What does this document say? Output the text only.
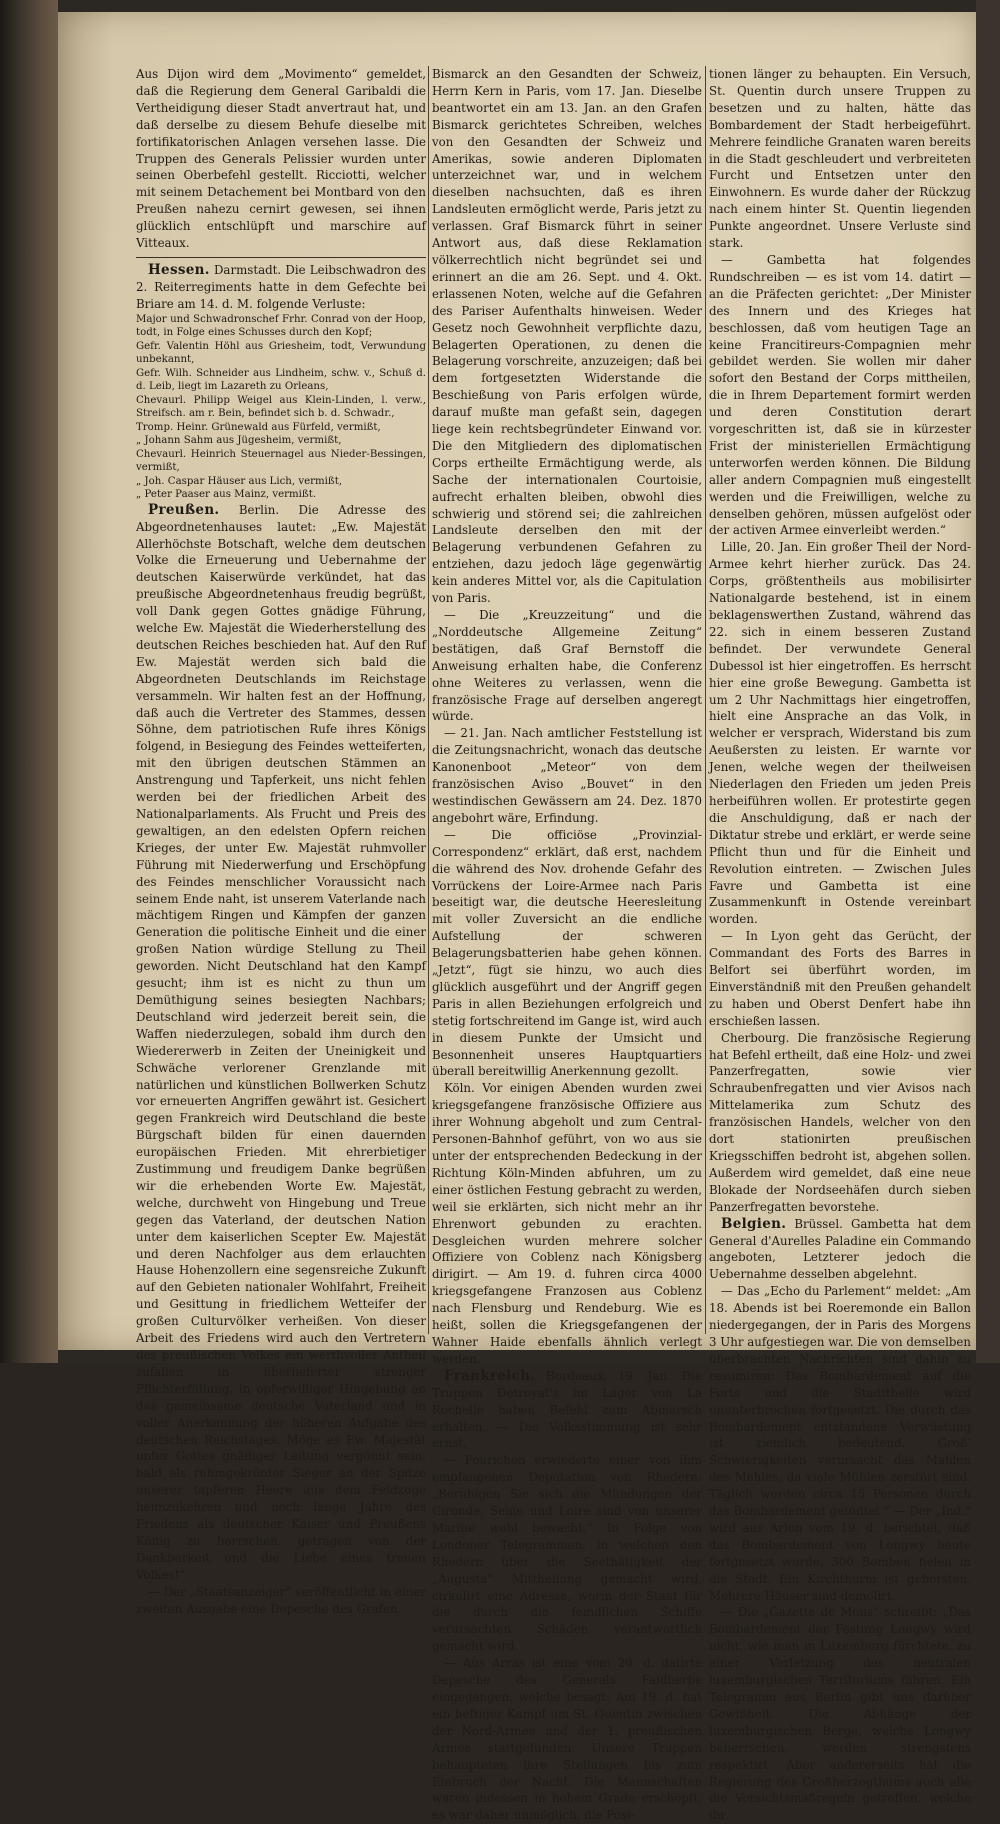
Aus Dijon wird dem „Movimento“ gemeldet, daß die Regierung dem General Garibaldi die Vertheidigung dieser Stadt anvertraut hat, und daß derselbe zu diesem Behufe dieselbe mit fortifikatorischen Anlagen versehen lasse. Die Truppen des Generals Pelissier wurden unter seinen Oberbefehl gestellt. Ricciotti, welcher mit seinem Detachement bei Montbard von den Preußen nahezu cernirt gewesen, sei ihnen glücklich entschlüpft und marschire auf Vitteaux.

Hessen. Darmstadt. Die Leibschwadron des 2. Reiterregiments hatte in dem Gefechte bei Briare am 14. d. M. folgende Verluste:

Major und Schwadronschef Frhr. Conrad von der Hoop, todt, in Folge eines Schusses durch den Kopf;

Gefr. Valentin Höhl aus Griesheim, todt, Verwundung unbekannt,

Gefr. Wilh. Schneider aus Lindheim, schw. v., Schuß d. d. Leib, liegt im Lazareth zu Orleans,

Chevaurl. Philipp Weigel aus Klein-Linden, l. verw., Streifsch. am r. Bein, befindet sich b. d. Schwadr.,

Tromp. Heinr. Grünewald aus Fürfeld, vermißt,

„ Johann Sahm aus Jügesheim, vermißt,

Chevaurl. Heinrich Steuernagel aus Nieder-Bessingen, vermißt,

„ Joh. Caspar Häuser aus Lich, vermißt,

„ Peter Paaser aus Mainz, vermißt.

Preußen. Berlin. Die Adresse des Abgeordnetenhauses lautet: „Ew. Majestät Allerhöchste Botschaft, welche dem deutschen Volke die Erneuerung und Uebernahme der deutschen Kaiserwürde verkündet, hat das preußische Abgeordnetenhaus freudig begrüßt, voll Dank gegen Gottes gnädige Führung, welche Ew. Majestät die Wiederherstellung des deutschen Reiches beschieden hat. Auf den Ruf Ew. Majestät werden sich bald die Abgeordneten Deutschlands im Reichstage versammeln. Wir halten fest an der Hoffnung, daß auch die Vertreter des Stammes, dessen Söhne, dem patriotischen Rufe ihres Königs folgend, in Besiegung des Feindes wetteiferten, mit den übrigen deutschen Stämmen an Anstrengung und Tapferkeit, uns nicht fehlen werden bei der friedlichen Arbeit des Nationalparlaments. Als Frucht und Preis des gewaltigen, an den edelsten Opfern reichen Krieges, der unter Ew. Majestät ruhmvoller Führung mit Niederwerfung und Erschöpfung des Feindes menschlicher Voraussicht nach seinem Ende naht, ist unserem Vaterlande nach mächtigem Ringen und Kämpfen der ganzen Generation die politische Einheit und die einer großen Nation würdige Stellung zu Theil geworden. Nicht Deutschland hat den Kampf gesucht; ihm ist es nicht zu thun um Demüthigung seines besiegten Nachbars; Deutschland wird jederzeit bereit sein, die Waffen niederzulegen, sobald ihm durch den Wiedererwerb in Zeiten der Uneinigkeit und Schwäche verlorener Grenzlande mit natürlichen und künstlichen Bollwerken Schutz vor erneuerten Angriffen gewährt ist. Gesichert gegen Frankreich wird Deutschland die beste Bürgschaft bilden für einen dauernden europäischen Frieden. Mit ehrerbietiger Zustimmung und freudigem Danke begrüßen wir die erhebenden Worte Ew. Majestät, welche, durchweht von Hingebung und Treue gegen das Vaterland, der deutschen Nation unter dem kaiserlichen Scepter Ew. Majestät und deren Nachfolger aus dem erlauchten Hause Hohenzollern eine segensreiche Zukunft auf den Gebieten nationaler Wohlfahrt, Freiheit und Gesittung in friedlichem Wetteifer der großen Culturvölker verheißen. Von dieser Arbeit des Friedens wird auch den Vertretern des preußischen Volkes ein werthvoller Antheil zufallen in überlieferter strenger Pflichterfüllung, in opferwilliger Hingebung an das gemeinsame deutsche Vaterland und in voller Anerkennung der höheren Aufgabe des deutschen Reichstages. Möge es Ew. Majestät unter Gottes gnädiger Leitung vergönnt sein, bald als ruhmgekrönter Sieger an der Spitze unserer tapferen Heere aus dem Feldzuge heimzukehren und noch lange Jahre des Friedens als deutscher Kaiser und Preußens König zu herrschen, getragen von der Dankbarkeit und die Liebe eines treuen Volkes!“

— Der „Staatsanzeiger“ veröffentlicht in einer zweiten Ausgabe eine Depesche des Grafen

Bismarck an den Gesandten der Schweiz, Herrn Kern in Paris, vom 17. Jan. Dieselbe beantwortet ein am 13. Jan. an den Grafen Bismarck gerichtetes Schreiben, welches von den Gesandten der Schweiz und Amerikas, sowie anderen Diplomaten unterzeichnet war, und in welchem dieselben nachsuchten, daß es ihren Landsleuten ermöglicht werde, Paris jetzt zu verlassen. Graf Bismarck führt in seiner Antwort aus, daß diese Reklamation völkerrechtlich nicht begründet sei und erinnert an die am 26. Sept. und 4. Okt. erlassenen Noten, welche auf die Gefahren des Pariser Aufenthalts hinweisen. Weder Gesetz noch Gewohnheit verpflichte dazu, Belagerten Operationen, zu denen die Belagerung vorschreite, anzuzeigen; daß bei dem fortgesetzten Widerstande die Beschießung von Paris erfolgen würde, darauf mußte man gefaßt sein, dagegen liege kein rechtsbegründeter Einwand vor. Die den Mitgliedern des diplomatischen Corps ertheilte Ermächtigung werde, als Sache der internationalen Courtoisie, aufrecht erhalten bleiben, obwohl dies schwierig und störend sei; die zahlreichen Landsleute derselben den mit der Belagerung verbundenen Gefahren zu entziehen, dazu jedoch läge gegenwärtig kein anderes Mittel vor, als die Capitulation von Paris.

— Die „Kreuzzeitung“ und die „Norddeutsche Allgemeine Zeitung“ bestätigen, daß Graf Bernstoff die Anweisung erhalten habe, die Conferenz ohne Weiteres zu verlassen, wenn die französische Frage auf derselben angeregt würde.

— 21. Jan. Nach amtlicher Feststellung ist die Zeitungsnachricht, wonach das deutsche Kanonenboot „Meteor“ von dem französischen Aviso „Bouvet“ in den westindischen Gewässern am 24. Dez. 1870 angebohrt wäre, Erfindung.

— Die officiöse „Provinzial-Correspondenz“ erklärt, daß erst, nachdem die während des Nov. drohende Gefahr des Vorrückens der Loire-Armee nach Paris beseitigt war, die deutsche Heeresleitung mit voller Zuversicht an die endliche Aufstellung der schweren Belagerungsbatterien habe gehen können. „Jetzt“, fügt sie hinzu, wo auch dies glücklich ausgeführt und der Angriff gegen Paris in allen Beziehungen erfolgreich und stetig fortschreitend im Gange ist, wird auch in diesem Punkte der Umsicht und Besonnenheit unseres Hauptquartiers überall bereitwillig Anerkennung gezollt.

Köln. Vor einigen Abenden wurden zwei kriegsgefangene französische Offiziere aus ihrer Wohnung abgeholt und zum Central-Personen-Bahnhof geführt, von wo aus sie unter der entsprechenden Bedeckung in der Richtung Köln-Minden abfuhren, um zu einer östlichen Festung gebracht zu werden, weil sie erklärten, sich nicht mehr an ihr Ehrenwort gebunden zu erachten. Desgleichen wurden mehrere solcher Offiziere von Coblenz nach Königsberg dirigirt. — Am 19. d. fuhren circa 4000 kriegsgefangene Franzosen aus Coblenz nach Flensburg und Rendeburg. Wie es heißt, sollen die Kriegsgefangenen der Wahner Haide ebenfalls ähnlich verlegt werden.

Frankreich. Bordeaux, 19. Jan. Die Truppen Detroyat's im Lager von La Rochelle haben Befehl zum Abmarsch erhalten. — Die Volksstimmung ist sehr ernst.

— Fourichon erwiederte einer von ihm empfangenen Deputation von Rhedern: „Beruhigen Sie sich die Mündungen der Gironde, Seine und Loire sind von unserer Marine wohl bewacht.“ In Folge von Londoner Telegrammen, in welchen den Rhedern über die Seethätigkeit der „Augusta“ Mittheilung gemacht wird, cirkulirt eine Adresse, worin der Staat für die durch die feindlichen Schiffe verursachten Schäden verantwortlich gemacht wird.

— Aus Arras ist eine vom 20. d. datirte Depesche des Generals Faidherbe eingegangen, welche besagt: Am 19. d. hat ein heftiger Kampf um St. Quentin zwischen der Nord-Armee und der 1. preußischen Armee stattgefunden. Unsere Truppen behaupteten ihre Stellungen bis zum Einbruch der Nacht. Die Mannschaften waren indessen in hohem Grade erschöpft; es war daher unmöglich, die Posi-

tionen länger zu behaupten. Ein Versuch, St. Quentin durch unsere Truppen zu besetzen und zu halten, hätte das Bombardement der Stadt herbeigeführt. Mehrere feindliche Granaten waren bereits in die Stadt geschleudert und verbreiteten Furcht und Entsetzen unter den Einwohnern. Es wurde daher der Rückzug nach einem hinter St. Quentin liegenden Punkte angeordnet. Unsere Verluste sind stark.

— Gambetta hat folgendes Rundschreiben — es ist vom 14. datirt — an die Präfecten gerichtet: „Der Minister des Innern und des Krieges hat beschlossen, daß vom heutigen Tage an keine Francitireurs-Compagnien mehr gebildet werden. Sie wollen mir daher sofort den Bestand der Corps mittheilen, die in Ihrem Departement formirt werden und deren Constitution derart vorgeschritten ist, daß sie in kürzester Frist der ministeriellen Ermächtigung unterworfen werden können. Die Bildung aller andern Compagnien muß eingestellt werden und die Freiwilligen, welche zu denselben gehören, müssen aufgelöst oder der activen Armee einverleibt werden.“

Lille, 20. Jan. Ein großer Theil der Nord-Armee kehrt hierher zurück. Das 24. Corps, größtentheils aus mobilisirter Nationalgarde bestehend, ist in einem beklagenswerthen Zustand, während das 22. sich in einem besseren Zustand befindet. Der verwundete General Dubessol ist hier eingetroffen. Es herrscht hier eine große Bewegung. Gambetta ist um 2 Uhr Nachmittags hier eingetroffen, hielt eine Ansprache an das Volk, in welcher er versprach, Widerstand bis zum Aeußersten zu leisten. Er warnte vor Jenen, welche wegen der theilweisen Niederlagen den Frieden um jeden Preis herbeiführen wollen. Er protestirte gegen die Anschuldigung, daß er nach der Diktatur strebe und erklärt, er werde seine Pflicht thun und für die Einheit und Revolution eintreten. — Zwischen Jules Favre und Gambetta ist eine Zusammenkunft in Ostende vereinbart worden.

— In Lyon geht das Gerücht, der Commandant des Forts des Barres in Belfort sei überführt worden, im Einverständniß mit den Preußen gehandelt zu haben und Oberst Denfert habe ihn erschießen lassen.

Cherbourg. Die französische Regierung hat Befehl ertheilt, daß eine Holz- und zwei Panzerfregatten, sowie vier Schraubenfregatten und vier Avisos nach Mittelamerika zum Schutz des französischen Handels, welcher von den dort stationirten preußischen Kriegsschiffen bedroht ist, abgehen sollen. Außerdem wird gemeldet, daß eine neue Blokade der Nordseehäfen durch sieben Panzerfregatten bevorstehe.

Belgien. Brüssel. Gambetta hat dem General d'Aurelles Paladine ein Commando angeboten, Letzterer jedoch die Uebernahme desselben abgelehnt.

— Das „Echo du Parlement“ meldet: „Am 18. Abends ist bei Roeremonde ein Ballon niedergegangen, der in Paris des Morgens 3 Uhr aufgestiegen war. Die von demselben überbrachten Nachrichten sind dahin zu resumiren: Das Bombardement auf die Forts und die Stadttheile wird ununterbrochen fortgesetzt. Die durch das Bombardement entstandene Verwüstung ist ziemlich bedeutend. Groß' Schwierigkeiten verursacht das Mahlen des Mehles, da viele Mühlen zerstört sind. Täglich werden circa 15 Personen durch das Bombardement getödtet.“ — Der „Ind.“ wird aus Arlon vom 19. d. berichtet, daß das Bombardement von Longwy heute fortgesetzt wurde. 300 Bomben fielen in die Stadt. Ein Kirchthurm ist geborsten. Mehrere Häuser sind demolirt.

— Die „Gazette de Mons“ schreibt: „Das Bombardement der Festung Longwy wird nicht, wie man in Luxemburg fürchtete, zu einer Verletzung des neutralen luxemburgischen Territoriums führen. Ein Telegramm aus Berlin gibt uns darüber Gewißheit. Die Abhänge der luxemburgischen Berge, welche Longwy beherrschen, werden strengstens respektirt. Aber andererseits hat die Regierung des Großherzogthums auch alle die Vorsichtsmaßregeln getroffen, welche ihr
